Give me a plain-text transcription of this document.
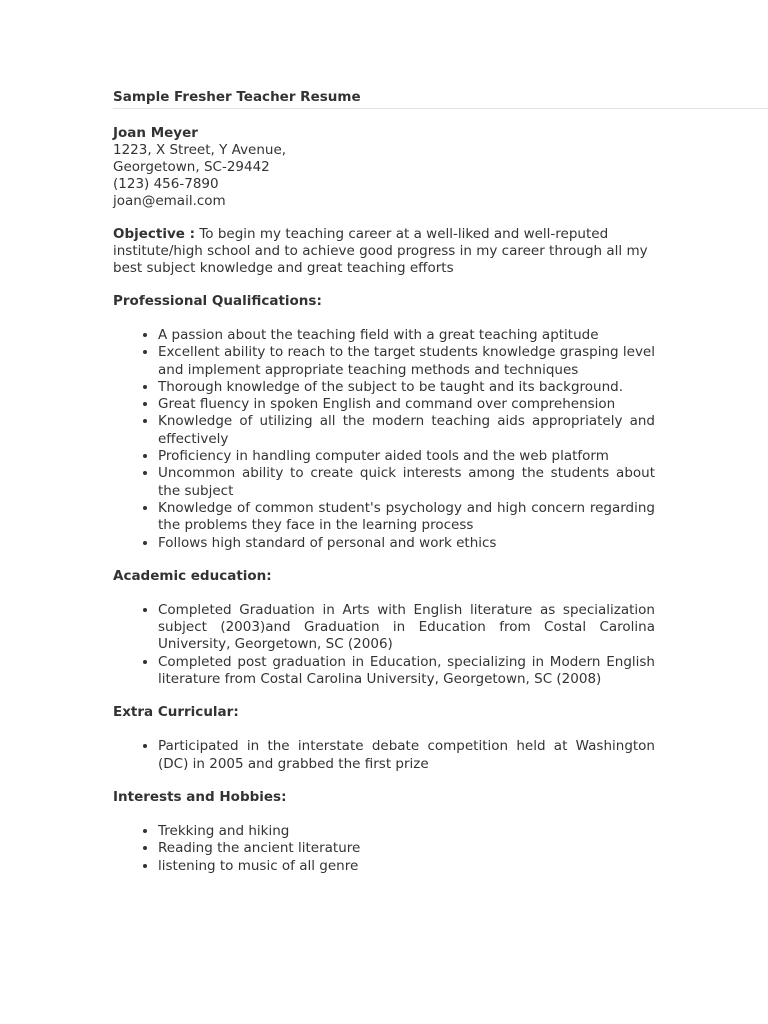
Sample Fresher Teacher Resume
Joan Meyer
1223, X Street, Y Avenue,
Georgetown, SC-29442
(123) 456-7890
joan@email.com
Objective : To begin my teaching career at a well-liked and well-reputed institute/high school and to achieve good progress in my career through all my best subject knowledge and great teaching efforts
Professional Qualifications:
• A passion about the teaching field with a great teaching aptitude
• Excellent ability to reach to the target students knowledge grasping level and implement appropriate teaching methods and techniques
• Thorough knowledge of the subject to be taught and its background.
• Great fluency in spoken English and command over comprehension
• Knowledge of utilizing all the modern teaching aids appropriately and effectively
• Proficiency in handling computer aided tools and the web platform
• Uncommon ability to create quick interests among the students about the subject
• Knowledge of common student's psychology and high concern regarding the problems they face in the learning process
• Follows high standard of personal and work ethics
Academic education:
• Completed Graduation in Arts with English literature as specialization subject (2003)and Graduation in Education from Costal Carolina University, Georgetown, SC (2006)
• Completed post graduation in Education, specializing in Modern English literature from Costal Carolina University, Georgetown, SC (2008)
Extra Curricular:
• Participated in the interstate debate competition held at Washington (DC) in 2005 and grabbed the first prize
Interests and Hobbies:
• Trekking and hiking
• Reading the ancient literature
• listening to music of all genre
